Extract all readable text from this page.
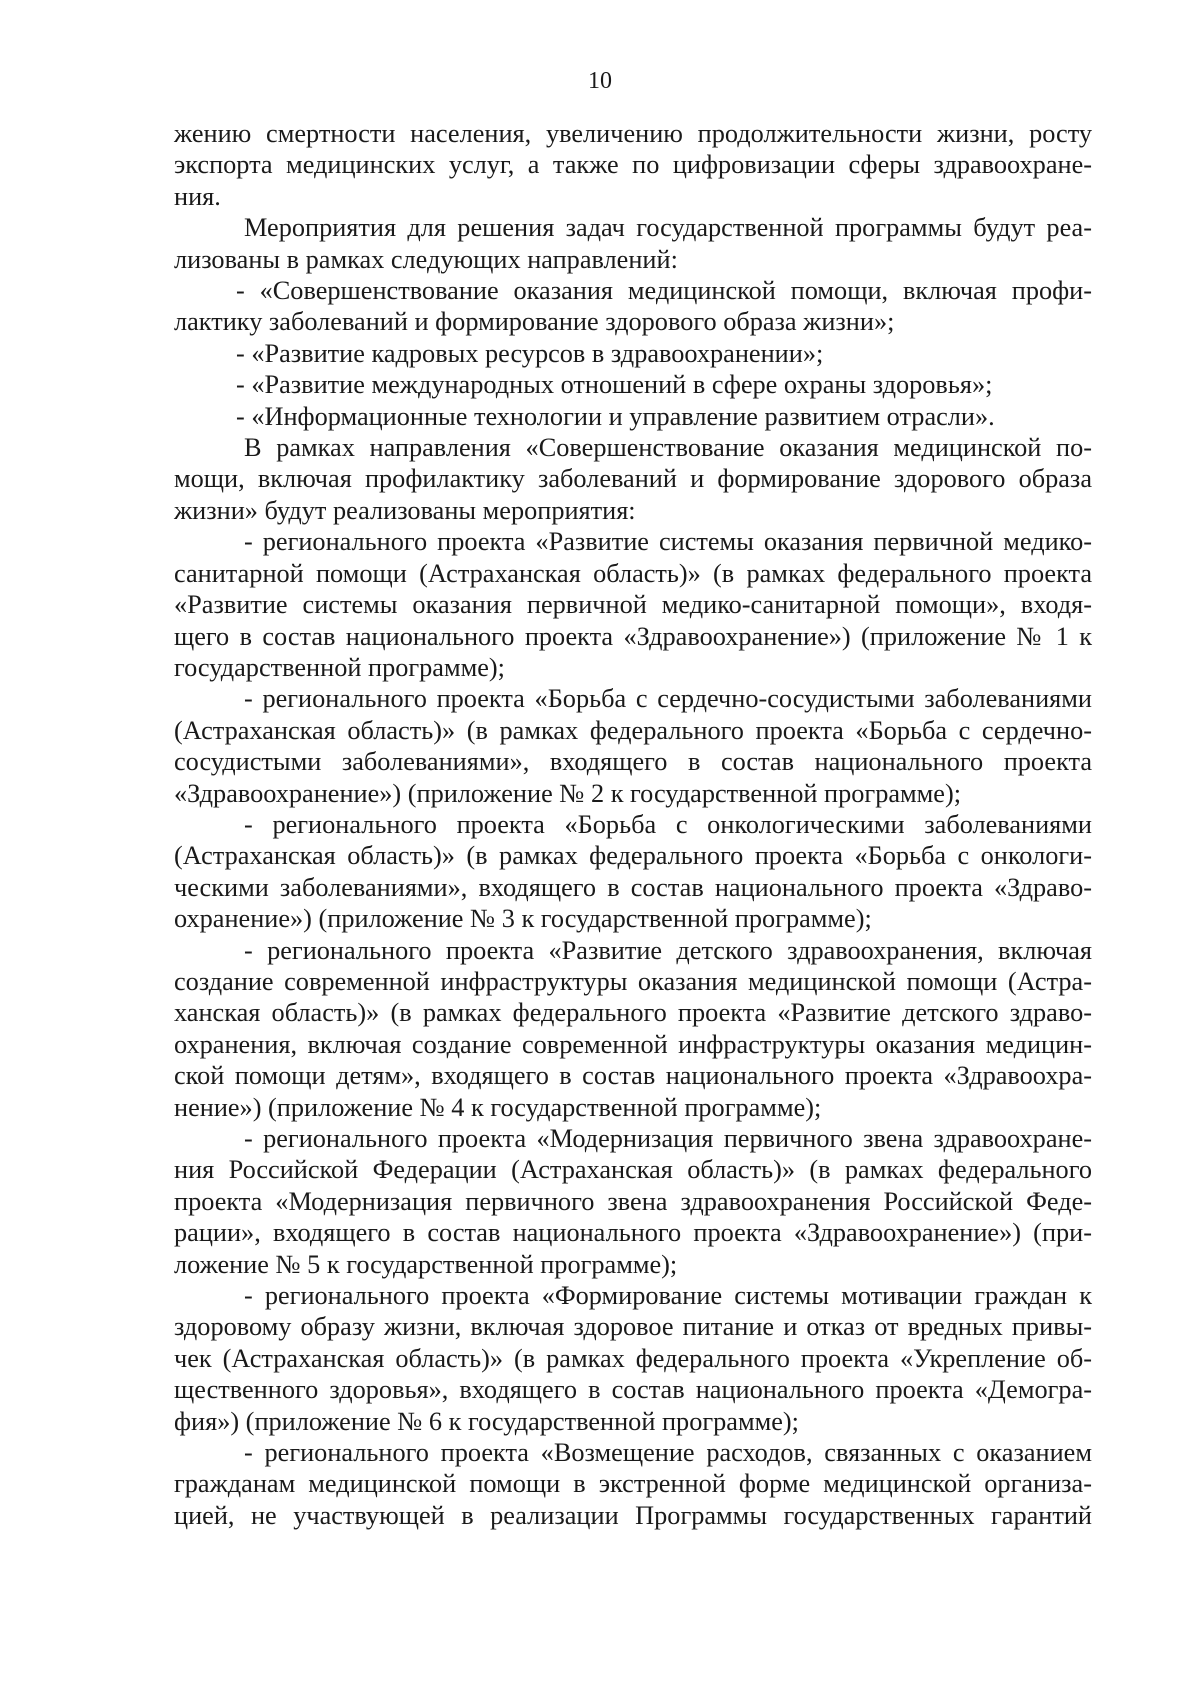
10
жению смертности населения, увеличению продолжительности жизни, росту
экспорта медицинских услуг, а также по цифровизации сферы здравоохране-
ния.
Мероприятия для решения задач государственной программы будут реа-
лизованы в рамках следующих направлений:
- «Совершенствование оказания медицинской помощи, включая профи-
лактику заболеваний и формирование здорового образа жизни»;
- «Развитие кадровых ресурсов в здравоохранении»;
- «Развитие международных отношений в сфере охраны здоровья»;
- «Информационные технологии и управление развитием отрасли».
В рамках направления «Совершенствование оказания медицинской по-
мощи, включая профилактику заболеваний и формирование здорового образа
жизни» будут реализованы мероприятия:
- регионального проекта «Развитие системы оказания первичной медико-
санитарной помощи (Астраханская область)» (в рамках федерального проекта
«Развитие системы оказания первичной медико-санитарной помощи», входя-
щего в состав национального проекта «Здравоохранение») (приложение № 1 к
государственной программе);
- регионального проекта «Борьба с сердечно-сосудистыми заболеваниями
(Астраханская область)» (в рамках федерального проекта «Борьба с сердечно-
сосудистыми заболеваниями», входящего в состав национального проекта
«Здравоохранение») (приложение № 2 к государственной программе);
- регионального проекта «Борьба с онкологическими заболеваниями
(Астраханская область)» (в рамках федерального проекта «Борьба с онкологи-
ческими заболеваниями», входящего в состав национального проекта «Здраво-
охранение») (приложение № 3 к государственной программе);
- регионального проекта «Развитие детского здравоохранения, включая
создание современной инфраструктуры оказания медицинской помощи (Астра-
ханская область)» (в рамках федерального проекта «Развитие детского здраво-
охранения, включая создание современной инфраструктуры оказания медицин-
ской помощи детям», входящего в состав национального проекта «Здравоохра-
нение») (приложение № 4 к государственной программе);
- регионального проекта «Модернизация первичного звена здравоохране-
ния Российской Федерации (Астраханская область)» (в рамках федерального
проекта «Модернизация первичного звена здравоохранения Российской Феде-
рации», входящего в состав национального проекта «Здравоохранение») (при-
ложение № 5 к государственной программе);
- регионального проекта «Формирование системы мотивации граждан к
здоровому образу жизни, включая здоровое питание и отказ от вредных привы-
чек (Астраханская область)» (в рамках федерального проекта «Укрепление об-
щественного здоровья», входящего в состав национального проекта «Демогра-
фия») (приложение № 6 к государственной программе);
- регионального проекта «Возмещение расходов, связанных с оказанием
гражданам медицинской помощи в экстренной форме медицинской организа-
цией, не участвующей в реализации Программы государственных гарантий
